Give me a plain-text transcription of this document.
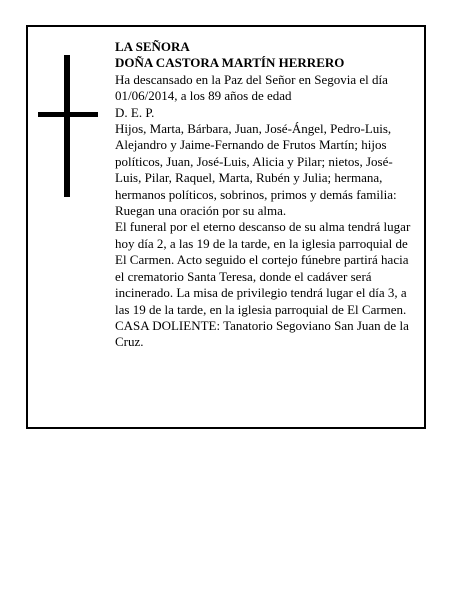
LA SEÑORA

DOÑA CASTORA MARTÍN HERRERO

Ha descansado en la Paz del Señor en Segovia el día 01/06/2014, a los 89 años de edad

D. E. P.

Hijos, Marta, Bárbara, Juan, José-Ángel, Pedro-Luis, Alejandro y Jaime-Fernando de Frutos Martín; hijos políticos, Juan, José-Luis, Alicia y Pilar; nietos, José-Luis, Pilar, Raquel, Marta, Rubén y Julia; hermana, hermanos políticos, sobrinos, primos y demás familia:

Ruegan una oración por su alma.

El funeral por el eterno descanso de su alma tendrá lugar hoy día 2, a las 19 de la tarde, en la iglesia parroquial de El Carmen. Acto seguido el cortejo fúnebre partirá hacia el crematorio Santa Teresa, donde el cadáver será incinerado. La misa de privilegio tendrá lugar el día 3, a las 19 de la tarde, en la iglesia parroquial de El Carmen.

CASA DOLIENTE: Tanatorio Segoviano San Juan de la Cruz.
